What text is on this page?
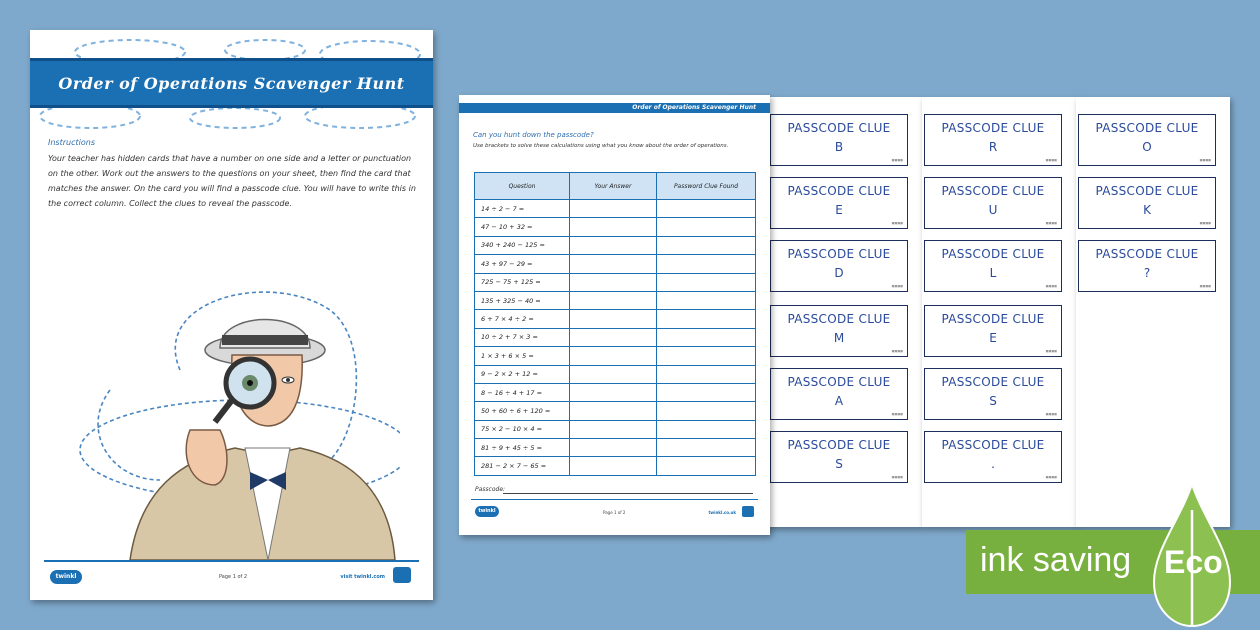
PASSCODE CLUE
B
■■■■
PASSCODE CLUE
E
■■■■
PASSCODE CLUE
D
■■■■
PASSCODE CLUE
M
■■■■
PASSCODE CLUE
A
■■■■
PASSCODE CLUE
S
■■■■
PASSCODE CLUE
R
■■■■
PASSCODE CLUE
U
■■■■
PASSCODE CLUE
L
■■■■
PASSCODE CLUE
E
■■■■
PASSCODE CLUE
S
■■■■
PASSCODE CLUE
.
■■■■
PASSCODE CLUE
O
■■■■
PASSCODE CLUE
K
■■■■
PASSCODE CLUE
?
■■■■
Order of Operations Scavenger Hunt
Instructions
Your teacher has hidden cards that have a number on one side and a letter or punctuation on the other. Work out the answers to the questions on your sheet, then find the card that matches the answer. On the card you will find a passcode clue. You will have to write this in the correct column. Collect the clues to reveal the passcode.
twinkl	Page 1 of 2	visit twinkl.com
Order of Operations Scavenger Hunt
Can you hunt down the passcode?
Use brackets to solve these calculations using what you know about the order of operations.
Question	Your Answer	Password Clue Found
14 ÷ 2 − 7 =		
47 − 10 + 32 =		
340 + 240 − 125 =		
43 + 97 − 29 =		
725 − 75 + 125 =		
135 + 325 − 40 =		
6 + 7 × 4 ÷ 2 =		
10 ÷ 2 + 7 × 3 =		
1 × 3 + 6 × 5 =		
9 − 2 × 2 + 12 =		
8 − 16 ÷ 4 + 17 =		
50 + 60 ÷ 6 + 120 =		
75 × 2 − 10 × 4 =		
81 ÷ 9 + 45 ÷ 5 =		
281 − 2 × 7 − 65 =		
Passcode:
twinkl	Page 1 of 2	twinkl.co.uk
ink saving Eco
